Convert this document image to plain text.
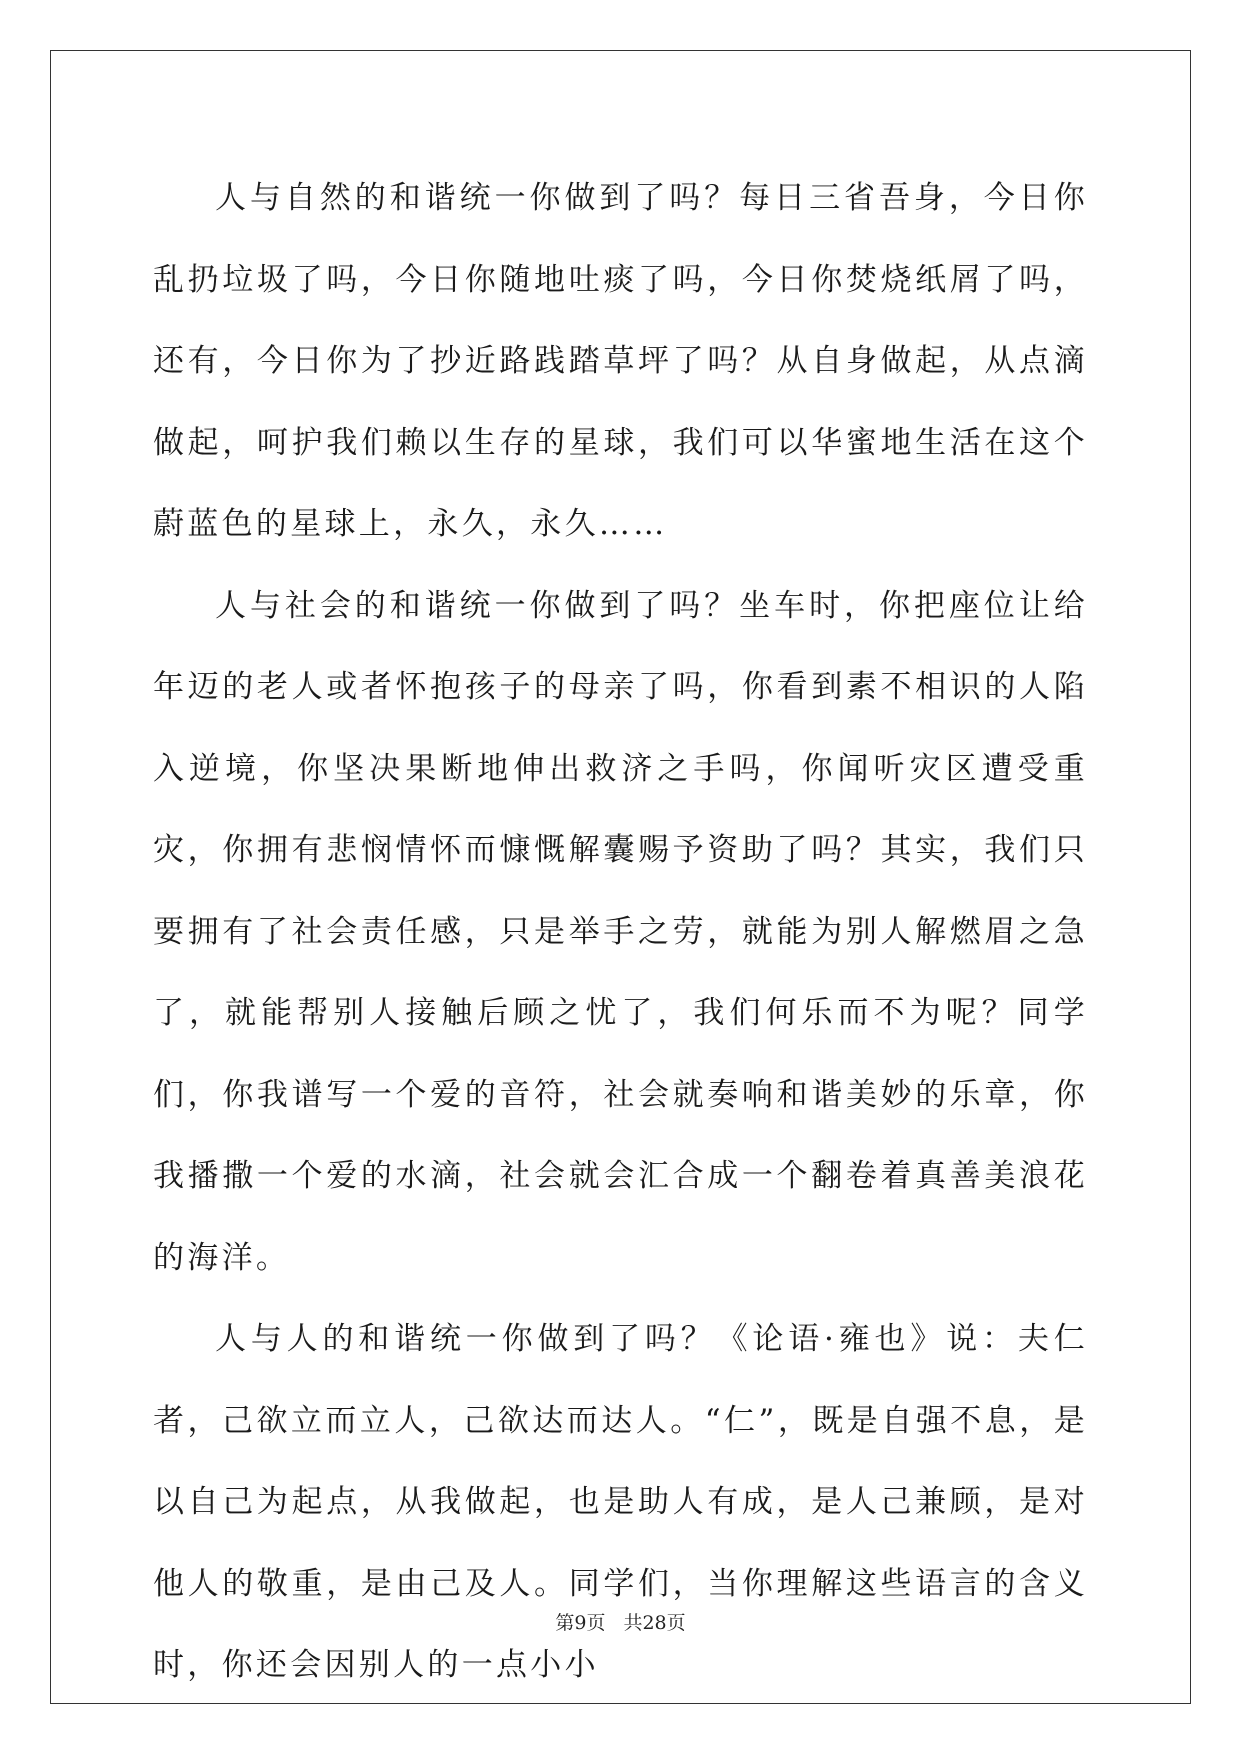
人与自然的和谐统一你做到了吗？每日三省吾身，今日你乱扔垃圾了吗，今日你随地吐痰了吗，今日你焚烧纸屑了吗，还有，今日你为了抄近路践踏草坪了吗？从自身做起，从点滴做起，呵护我们赖以生存的星球，我们可以华蜜地生活在这个蔚蓝色的星球上，永久，永久……

人与社会的和谐统一你做到了吗？坐车时，你把座位让给年迈的老人或者怀抱孩子的母亲了吗，你看到素不相识的人陷入逆境，你坚决果断地伸出救济之手吗，你闻听灾区遭受重灾，你拥有悲悯情怀而慷慨解囊赐予资助了吗？其实，我们只要拥有了社会责任感，只是举手之劳，就能为别人解燃眉之急了，就能帮别人接触后顾之忧了，我们何乐而不为呢？同学们，你我谱写一个爱的音符，社会就奏响和谐美妙的乐章，你我播撒一个爱的水滴，社会就会汇合成一个翻卷着真善美浪花的海洋。

人与人的和谐统一你做到了吗？《论语·雍也》说：夫仁者，己欲立而立人，己欲达而达人。“仁”，既是自强不息，是以自己为起点，从我做起，也是助人有成，是人己兼顾，是对他人的敬重，是由己及人。同学们，当你理解这些语言的含义时，你还会因别人的一点小小

第9页 共28页
